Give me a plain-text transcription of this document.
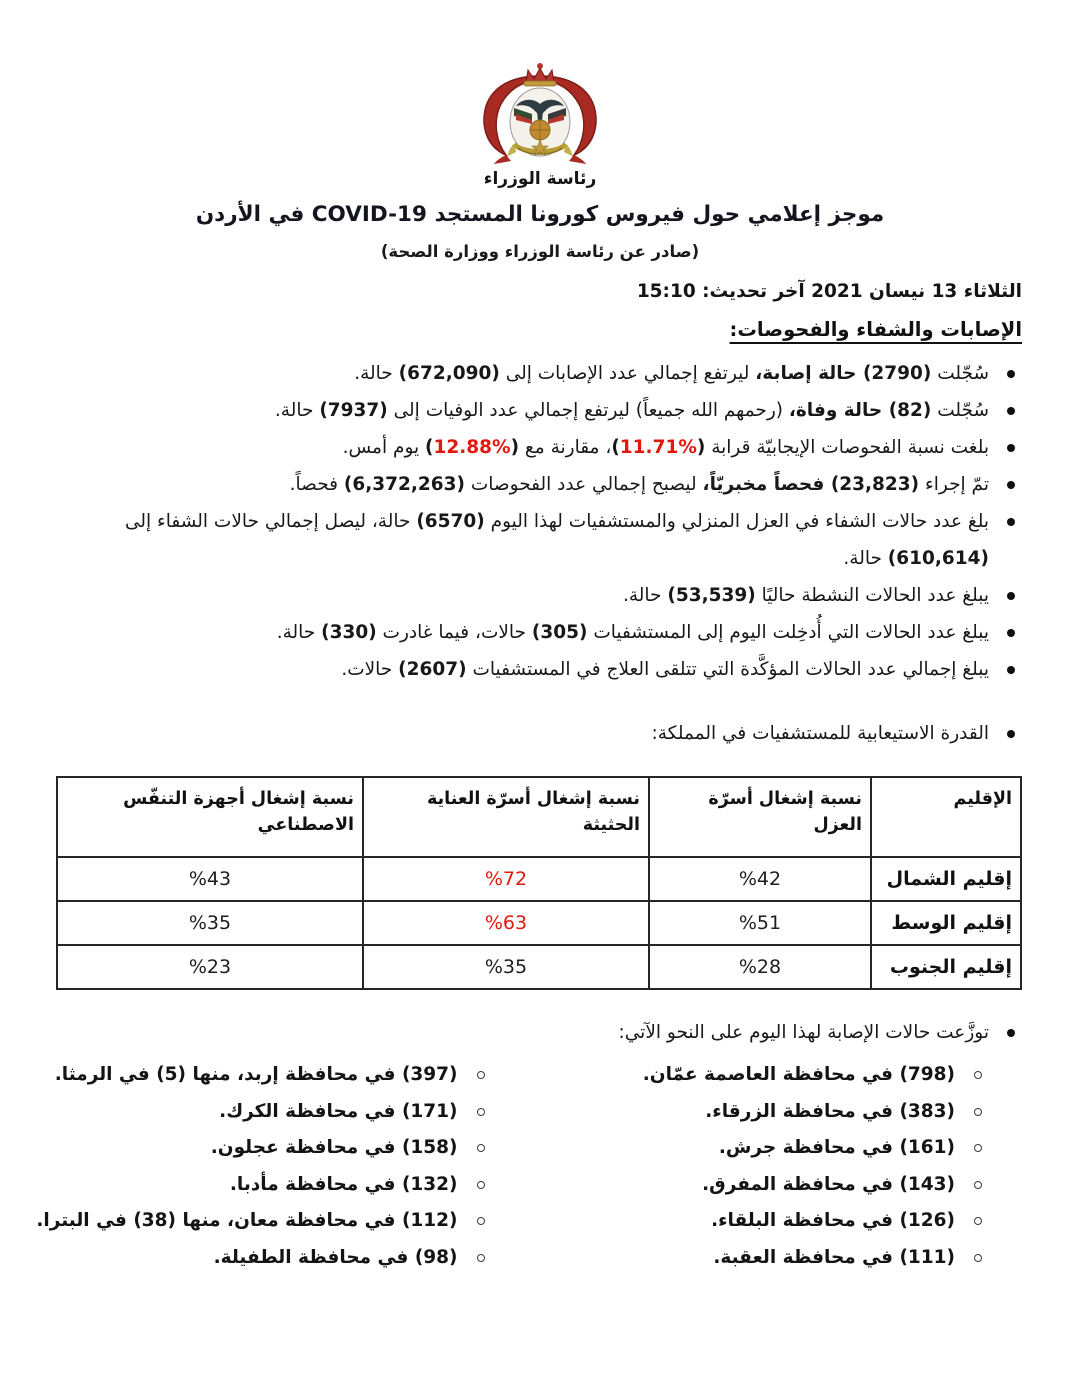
رئاسة الوزراء
موجز إعلامي حول فيروس كورونا المستجد COVID-19 في الأردن
(صادر عن رئاسة الوزراء ووزارة الصحة)
الثلاثاء 13 نيسان 2021 آخر تحديث: 15:10
الإصابات والشفاء والفحوصات:
سُجّلت (2790) حالة إصابة، ليرتفع إجمالي عدد الإصابات إلى (672,090) حالة.
سُجّلت (82) حالة وفاة، (رحمهم الله جميعاً) ليرتفع إجمالي عدد الوفيات إلى (7937) حالة.
بلغت نسبة الفحوصات الإيجابيّة قرابة (%11.71)، مقارنة مع (%12.88) يوم أمس.
تمّ إجراء (23,823) فحصاً مخبريّاً، ليصبح إجمالي عدد الفحوصات (6,372,263) فحصاً.
بلغ عدد حالات الشفاء في العزل المنزلي والمستشفيات لهذا اليوم (6570) حالة، ليصل إجمالي حالات الشفاء إلى (610,614) حالة.
يبلغ عدد الحالات النشطة حاليًا (53,539) حالة.
يبلغ عدد الحالات التي أُدخِلت اليوم إلى المستشفيات (305) حالات، فيما غادرت (330) حالة.
يبلغ إجمالي عدد الحالات المؤكَّدة التي تتلقى العلاج في المستشفيات (2607) حالات.
القدرة الاستيعابية للمستشفيات في المملكة:
الإقليم	نسبة إشغال أسرّة العزل	نسبة إشغال أسرّة العناية الحثيثة	نسبة إشغال أجهزة التنفّس الاصطناعي
إقليم الشمال	%42	%72	%43
إقليم الوسط	%51	%63	%35
إقليم الجنوب	%28	%35	%23
توزَّعت حالات الإصابة لهذا اليوم على النحو الآتي:
(798) في محافظة العاصمة عمّان.
(383) في محافظة الزرقاء.
(161) في محافظة جرش.
(143) في محافظة المفرق.
(126) في محافظة البلقاء.
(111) في محافظة العقبة.
(397) في محافظة إربد، منها (5) في الرمثا.
(171) في محافظة الكرك.
(158) في محافظة عجلون.
(132) في محافظة مأدبا.
(112) في محافظة معان، منها (38) في البترا.
(98) في محافظة الطفيلة.
